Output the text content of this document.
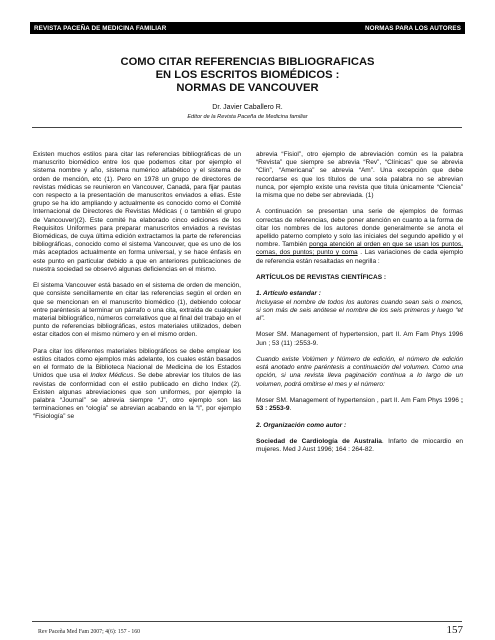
REVISTA PACEÑA DE MEDICINA FAMILIAR	NORMAS PARA LOS AUTORES

COMO CITAR REFERENCIAS BIBLIOGRAFICAS

EN LOS ESCRITOS BIOMÉDICOS :

NORMAS DE VANCOUVER

Dr. Javier Caballero R.
Editor de la Revista Paceña de Medicina familiar

Existen muchos estilos para citar las referencias bibliográficas de un manuscrito biomédico entre los que podemos citar por ejemplo el sistema nombre y año, sistema numérico alfabético y el sistema de orden de mención, etc (1). Pero en 1978 un grupo de directores de revistas médicas se reunieron en Vancouver, Canadá, para fijar pautas con respecto a la presentación de manuscritos enviados a ellas. Este grupo se ha ido ampliando y actualmente es conocido como el Comité Internacional de Directores de Revistas Médicas ( o también el grupo de Vancouver)(2). Este comité ha elaborado cinco ediciones de los Requisitos Uniformes para preparar manuscritos enviados a revistas Biomédicas, de cuya última edición extractamos la parte de referencias bibliográficas, conocido como el sistema Vancouver, que es uno de los más aceptados actualmente en forma universal, y se hace énfasis en este punto en particular debido a que en anteriores publicaciones de nuestra sociedad se observó algunas deficiencias en el mismo.

El sistema Vancouver está basado en el sistema de orden de mención, que consiste sencillamente en citar las referencias según el orden en que se mencionan en el manuscrito biomédico (1), debiendo colocar entre paréntesis al terminar un párrafo o una cita, extraída de cualquier material bibliográfico, números correlativos que al final del trabajo en el punto de referencias bibliográficas, estos materiales utilizados, deben estar citados con el mismo número y en el mismo orden.

Para citar los diferentes materiales bibliográficos se debe emplear los estilos citados como ejemplos más adelante, los cuales están basados en el formato de la Biblioteca Nacional de Medicina de los Estados Unidos que usa el Index Médicus. Se debe abreviar los títulos de las revistas de conformidad con el estilo publicado en dicho Index (2). Existen algunas abreviaciones que son uniformes, por ejemplo la palabra “Journal” se abrevia siempre “J”, otro ejemplo son las terminaciones en “ología” se abrevian acabando en la “l”, por ejemplo “Fisiología” se

abrevia “Fisiol”, otro ejemplo de abreviación común es la palabra “Revista” que siempre se abrevia “Rev”, “Clínicas” que se abrevia “Clin”, “Americana” se abrevia “Am”. Una excepción que debe recordarse es que los títulos de una sola palabra no se abrevian nunca, por ejemplo existe una revista que titula únicamente “Ciencia” la misma que no debe ser abreviada. (1)

A continuación se presentan una serie de ejemplos de formas correctas de referencias, debe poner atención en cuanto a la forma de citar los nombres de los autores donde generalmente se anota el apellido paterno completo y solo las iniciales del segundo apellido y el nombre. También ponga atención al orden en que se usan los puntos, comas, dos puntos; punto y coma . Las variaciones de cada ejemplo de referencia están resaltadas en negrilla :

ARTÍCULOS DE REVISTAS CIENTÍFICAS :

1. Artículo estandar :

Incluyase el nombre de todos los autores cuando sean seis o menos, si son más de seis anótese el nombre de los seis primeros y luego “et al”.

Moser SM. Management of hypertension, part II. Am Fam Phys 1996 Jun ; 53 (11) :2553-9.

Cuando existe Volúmen y Número de edición, el número de edición está anotado entre paréntesis a continuación del volumen. Como una opción, si una revista lleva paginación contínua a lo largo de un volumen, podrá omitirse el mes y el número:

Moser SM. Management of hypertension , part II. Am Fam Phys 1996 ; 53 : 2553-9.

2. Organización como autor :

Sociedad de Cardiología de Australia. Infarto de miocardio en mujeres. Med J Aust 1996; 164 : 264-82.

Rev Paceña Med Fam 2007; 4(6): 157 - 160	157
